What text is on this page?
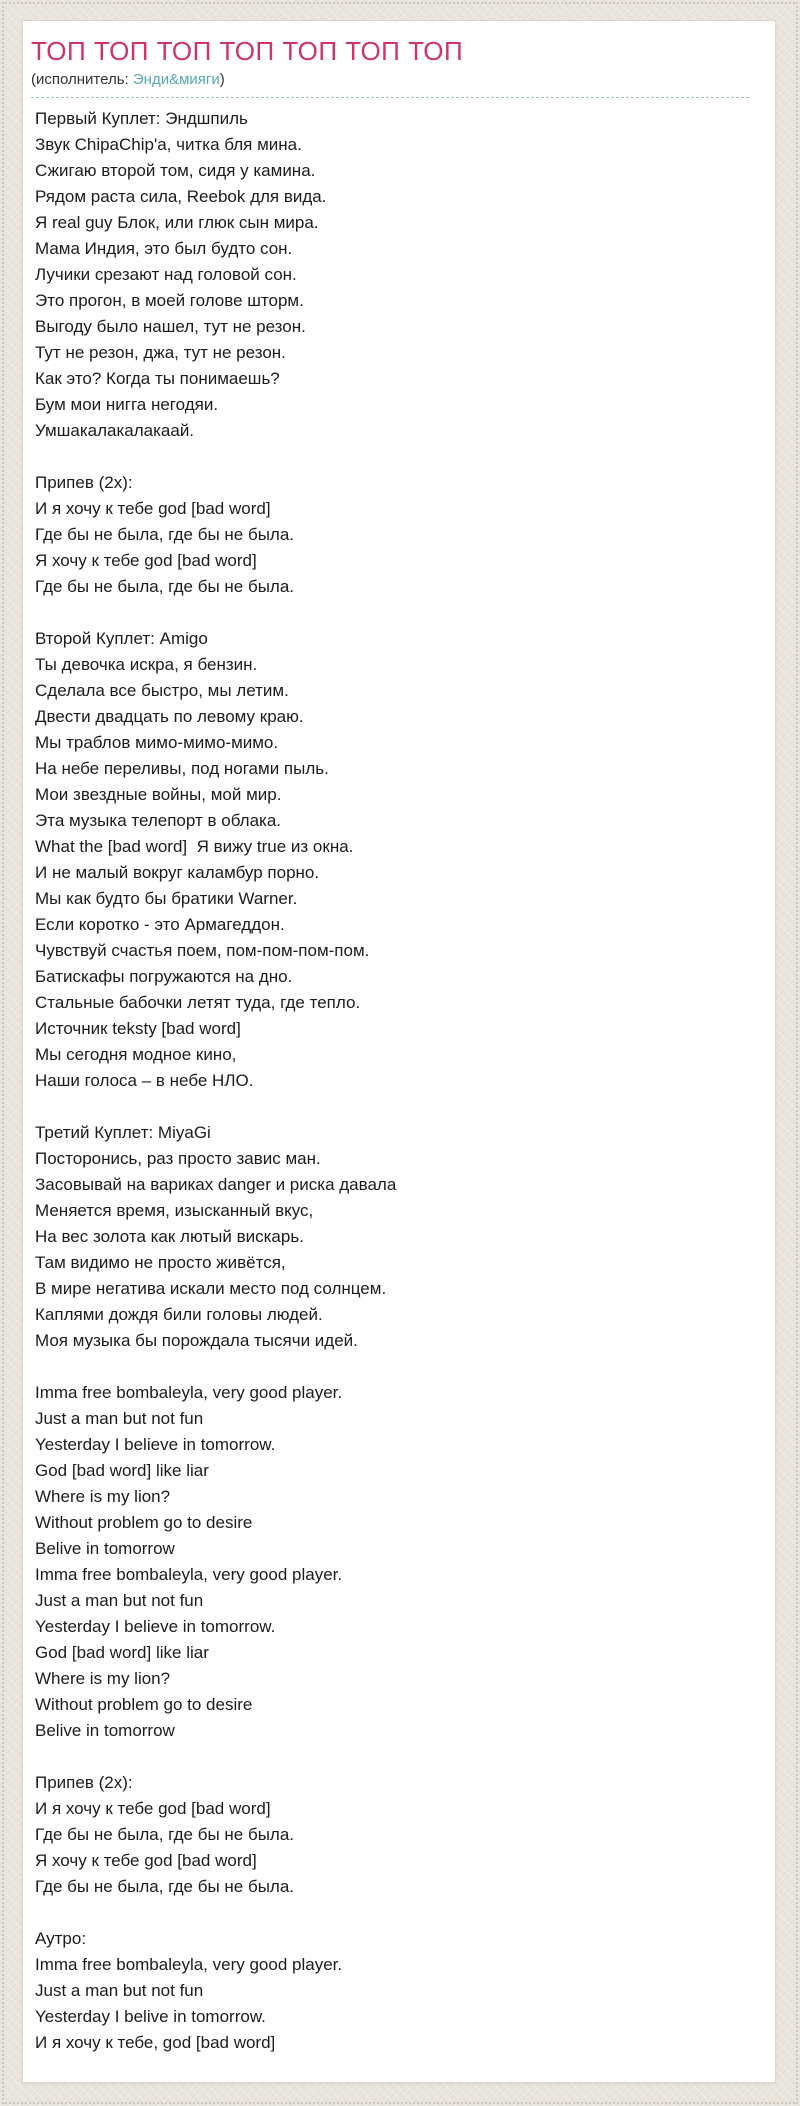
ТОП ТОП ТОП ТОП ТОП ТОП ТОП
(исполнитель: Энди&мияги)
Первый Куплет: Эндшпиль
Звук ChipaChip'а, читка бля мина.
Сжигаю второй том, сидя у камина.
Рядом раста сила, Reebok для вида.
Я real guy Блок, или глюк сын мира.
Мама Индия, это был будто сон.
Лучики срезают над головой сон.
Это прогон, в моей голове шторм.
Выгоду было нашел, тут не резон.
Тут не резон, джа, тут не резон.
Как это? Когда ты понимаешь?
Бум мои нигга негодяи.
Умшакалакалакаай.

Припев (2x):
И я хочу к тебе god [bad word]
Где бы не была, где бы не была.
Я хочу к тебе god [bad word]
Где бы не была, где бы не была.

Второй Куплет: Amigo
Ты девочка искра, я бензин.
Сделала все быстро, мы летим.
Двести двадцать по левому краю.
Мы траблов мимо-мимо-мимо.
На небе переливы, под ногами пыль.
Мои звездные войны, мой мир.
Эта музыка телепорт в облака.
What the [bad word]  Я вижу true из окна.
И не малый вокруг каламбур порно.
Мы как будто бы братики Warner.
Если коротко - это Армагеддон.
Чувствуй счастья поем, пом-пом-пом-пом.
Батискафы погружаются на дно.
Стальные бабочки летят туда, где тепло.
Источник teksty [bad word]
Мы сегодня модное кино,
Наши голоса – в небе НЛО.

Третий Куплет: MiyaGi
Посторонись, раз просто завис ман.
Засовывай на вариках danger и риска давала
Меняется время, изысканный вкус,
На вес золота как лютый вискарь.
Там видимо не просто живётся,
В мире негатива искали место под солнцем.
Каплями дождя били головы людей.
Моя музыка бы порождала тысячи идей.

Imma free bombaleyla, very good player.
Just a man but not fun
Yesterday I believe in tomorrow.
God [bad word] like liar
Where is my lion?
Without problem go to desire
Belive in tomorrow
Imma free bombaleyla, very good player.
Just a man but not fun
Yesterday I believe in tomorrow.
God [bad word] like liar
Where is my lion?
Without problem go to desire
Belive in tomorrow

Припев (2x):
И я хочу к тебе god [bad word]
Где бы не была, где бы не была.
Я хочу к тебе god [bad word]
Где бы не была, где бы не была.

Аутро:
Imma free bombaleyla, very good player.
Just a man but not fun
Yesterday I belive in tomorrow.
И я хочу к тебе, god [bad word]
